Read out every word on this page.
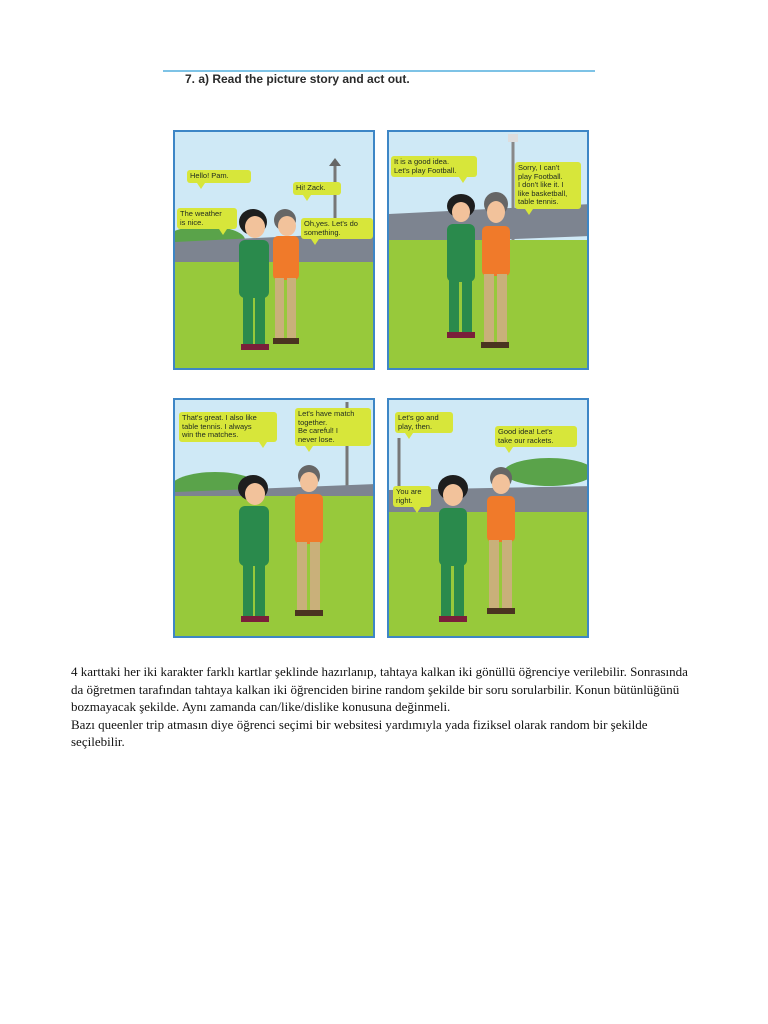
7. a) Read the picture story and act out.
Hello! Pam.
Hi! Zack.
The weather
is nice.	Oh,yes. Let's do
something.
It is a good idea.
Let's play Football.	Sorry, I can't
play Football.
I don't like it. I
like basketball,
table tennis.
That's great. I also like
table tennis. I always
win the matches.
Let's have match
together.
Be careful! I
never lose.
Let's go and
play, then.
Good idea! Let's
take our rackets.
You are
right.

4 karttaki her iki karakter farklı kartlar şeklinde hazırlanıp, tahtaya kalkan iki gönüllü öğrenciye verilebilir. Sonrasında da öğretmen tarafından tahtaya kalkan iki öğrenciden birine random şekilde bir soru sorularbilir. Konun bütünlüğünü bozmayacak şekilde. Aynı zamanda can/like/dislike konusuna değinmeli.

Bazı queenler trip atmasın diye öğrenci seçimi bir websitesi yardımıyla yada fiziksel olarak random bir şekilde seçilebilir.
